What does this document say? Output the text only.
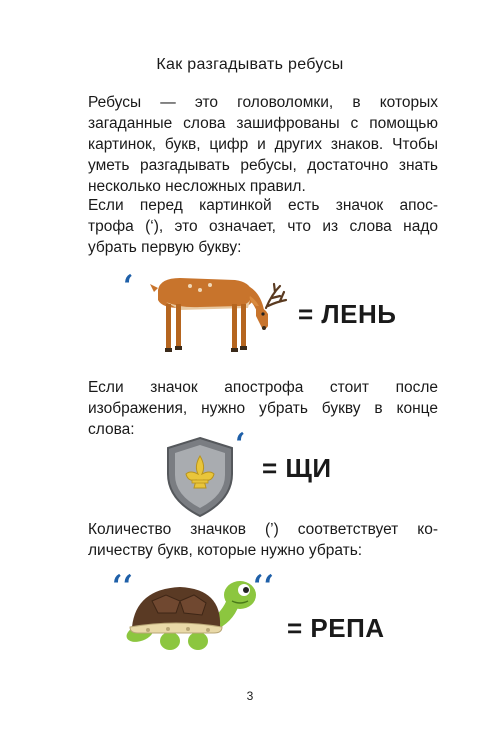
Как разгадывать ребусы
Ребусы — это головоломки, в которых
загаданные слова зашифрованы с помощью
картинок, букв, цифр и других знаков. Чтобы
уметь разгадывать ребусы, достаточно знать
несколько несложных правил.
Если перед картинкой есть значок апос-
трофа (‘), это означает, что из слова надо
убрать первую букву:
‘
= ЛЕНЬ
Если значок апострофа стоит после
изображения, нужно убрать букву в конце
слова:	‘
= ЩИ
Количество значков (’) соответствует ко-
личеству букв, которые нужно убрать:
‘‘	‘‘
= РЕПА
3
